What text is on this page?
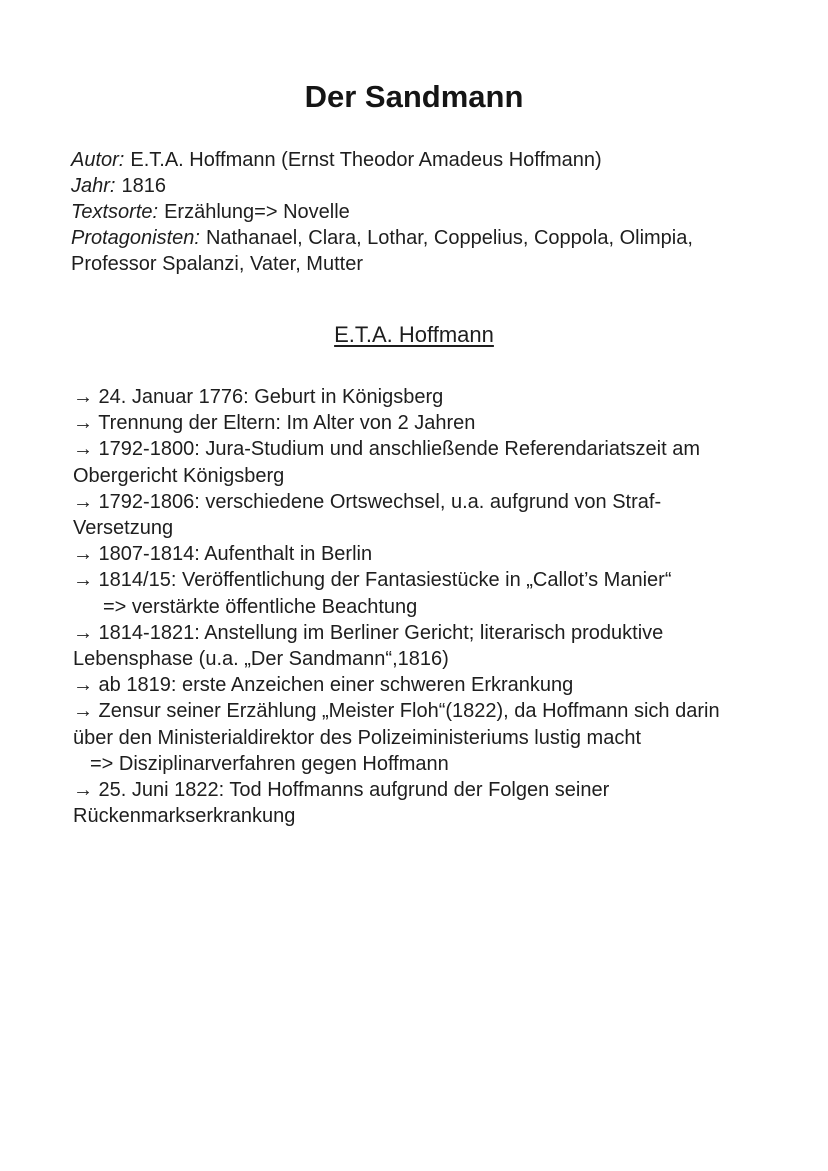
Der Sandmann

Autor: E.T.A. Hoffmann (Ernst Theodor Amadeus Hoffmann)

Jahr: 1816

Textsorte: Erzählung=> Novelle

Protagonisten: Nathanael, Clara, Lothar, Coppelius, Coppola, Olimpia, Professor Spalanzi, Vater, Mutter

E.T.A. Hoffmann
→ 24. Januar 1776: Geburt in Königsberg
→ Trennung der Eltern: Im Alter von 2 Jahren
→ 1792-1800: Jura-Studium und anschließende Referendariatszeit am
Obergericht Königsberg
→ 1792-1806: verschiedene Ortswechsel, u.a. aufgrund von Straf-
Versetzung
→ 1807-1814: Aufenthalt in Berlin
→ 1814/15: Veröffentlichung der Fantasiestücke in „Callot’s Manier“
=> verstärkte öffentliche Beachtung
→ 1814-1821: Anstellung im Berliner Gericht; literarisch produktive
Lebensphase (u.a. „Der Sandmann“,1816)
→ ab 1819: erste Anzeichen einer schweren Erkrankung
→ Zensur seiner Erzählung „Meister Floh“(1822), da Hoffmann sich darin
über den Ministerialdirektor des Polizeiministeriums lustig macht
=> Disziplinarverfahren gegen Hoffmann
→ 25. Juni 1822: Tod Hoffmanns aufgrund der Folgen seiner
Rückenmarkserkrankung
